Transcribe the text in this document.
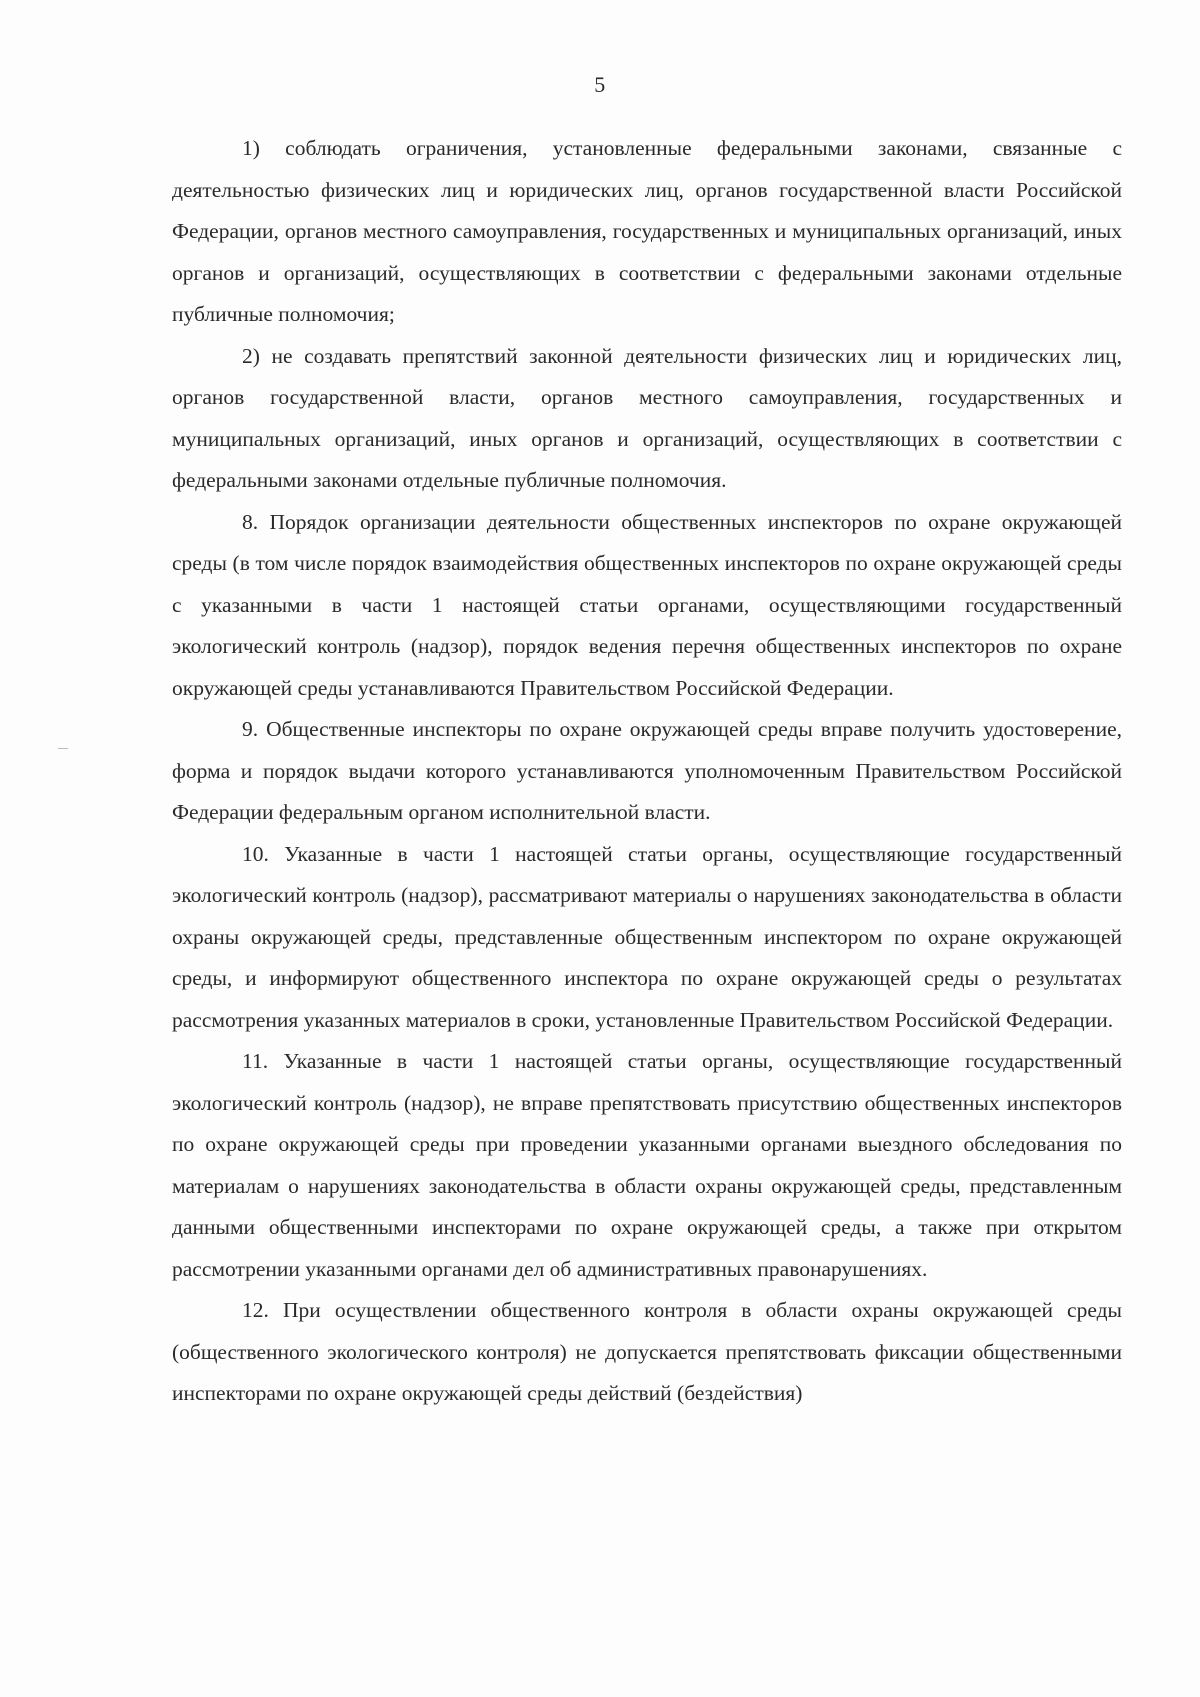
5

1) соблюдать ограничения, установленные федеральными законами, связанные с деятельностью физических лиц и юридических лиц, органов государственной власти Российской Федерации, органов местного самоуправления, государственных и муниципальных организаций, иных органов и организаций, осуществляющих в соответствии с федеральными законами отдельные публичные полномочия;

2) не создавать препятствий законной деятельности физических лиц и юридических лиц, органов государственной власти, органов местного самоуправления, государственных и муниципальных организаций, иных органов и организаций, осуществляющих в соответствии с федеральными законами отдельные публичные полномочия.

8. Порядок организации деятельности общественных инспекторов по охране окружающей среды (в том числе порядок взаимодействия общественных инспекторов по охране окружающей среды с указанными в части 1 настоящей статьи органами, осуществляющими государственный экологический контроль (надзор), порядок ведения перечня общественных инспекторов по охране окружающей среды устанавливаются Правительством Российской Федерации.

9. Общественные инспекторы по охране окружающей среды вправе получить удостоверение, форма и порядок выдачи которого устанавливаются уполномоченным Правительством Российской Федерации федеральным органом исполнительной власти.

10. Указанные в части 1 настоящей статьи органы, осуществляющие государственный экологический контроль (надзор), рассматривают материалы о нарушениях законодательства в области охраны окружающей среды, представленные общественным инспектором по охране окружающей среды, и информируют общественного инспектора по охране окружающей среды о результатах рассмотрения указанных материалов в сроки, установленные Правительством Российской Федерации.

11. Указанные в части 1 настоящей статьи органы, осуществляющие государственный экологический контроль (надзор), не вправе препятствовать присутствию общественных инспекторов по охране окружающей среды при проведении указанными органами выездного обследования по материалам о нарушениях законодательства в области охраны окружающей среды, представленным данными общественными инспекторами по охране окружающей среды, а также при открытом рассмотрении указанными органами дел об административных правонарушениях.

12. При осуществлении общественного контроля в области охраны окружающей среды (общественного экологического контроля) не допускается препятствовать фиксации общественными инспекторами по охране окружающей среды действий (бездействия)
